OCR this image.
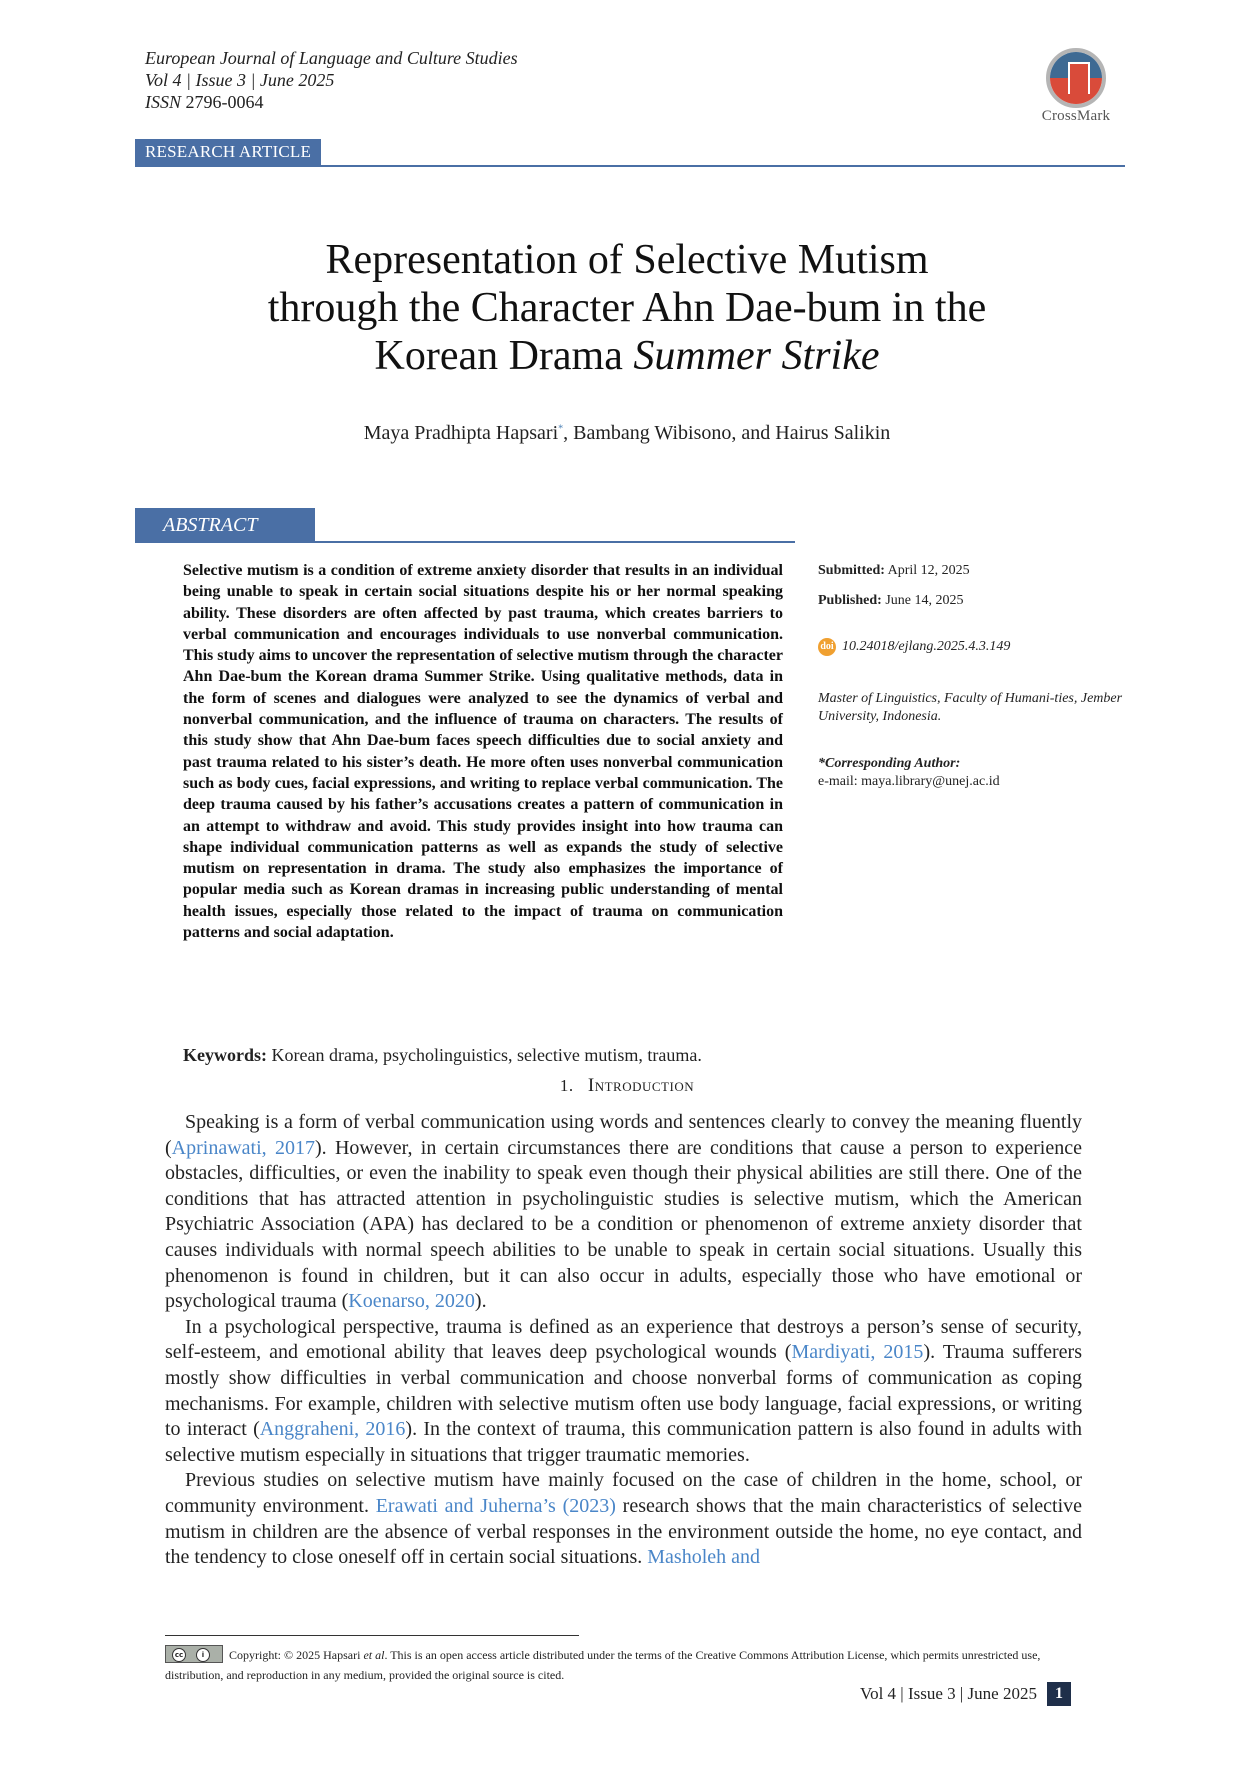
European Journal of Language and Culture Studies
Vol 4 | Issue 3 | June 2025
ISSN 2796-0064
CrossMark
RESEARCH ARTICLE
Representation of Selective Mutism
through the Character Ahn Dae-bum in the
Korean Drama Summer Strike
Maya Pradhipta Hapsari*, Bambang Wibisono, and Hairus Salikin
ABSTRACT
Selective mutism is a condition of extreme anxiety disorder that results in an individual being unable to speak in certain social situations despite his or her normal speaking ability. These disorders are often affected by past trauma, which creates barriers to verbal communication and encourages individuals to use nonverbal communication. This study aims to uncover the representation of selective mutism through the character Ahn Dae-bum the Korean drama Summer Strike. Using qualitative methods, data in the form of scenes and dialogues were analyzed to see the dynamics of verbal and nonverbal communication, and the influence of trauma on characters. The results of this study show that Ahn Dae-bum faces speech difficulties due to social anxiety and past trauma related to his sister’s death. He more often uses nonverbal communication such as body cues, facial expressions, and writing to replace verbal communication. The deep trauma caused by his father’s accusations creates a pattern of communication in an attempt to withdraw and avoid. This study provides insight into how trauma can shape individual communication patterns as well as expands the study of selective mutism on representation in drama. The study also emphasizes the importance of popular media such as Korean dramas in increasing public understanding of mental health issues, especially those related to the impact of trauma on communication patterns and social adaptation.
Submitted: April 12, 2025
Published: June 14, 2025
doi 10.24018/ejlang.2025.4.3.149
Master of Linguistics, Faculty of Humani-ties, Jember University, Indonesia.
*Corresponding Author:
e-mail: maya.library@unej.ac.id
Keywords: Korean drama, psycholinguistics, selective mutism, trauma.
1. Introduction

Speaking is a form of verbal communication using words and sentences clearly to convey the meaning fluently (Aprinawati, 2017). However, in certain circumstances there are conditions that cause a person to experience obstacles, difficulties, or even the inability to speak even though their physical abilities are still there. One of the conditions that has attracted attention in psycholinguistic studies is selective mutism, which the American Psychiatric Association (APA) has declared to be a condition or phenomenon of extreme anxiety disorder that causes individuals with normal speech abilities to be unable to speak in certain social situations. Usually this phenomenon is found in children, but it can also occur in adults, especially those who have emotional or psychological trauma (Koenarso, 2020).

In a psychological perspective, trauma is defined as an experience that destroys a person’s sense of security, self-esteem, and emotional ability that leaves deep psychological wounds (Mardiyati, 2015). Trauma sufferers mostly show difficulties in verbal communication and choose nonverbal forms of communication as coping mechanisms. For example, children with selective mutism often use body language, facial expressions, or writing to interact (Anggraheni, 2016). In the context of trauma, this communication pattern is also found in adults with selective mutism especially in situations that trigger traumatic memories.

Previous studies on selective mutism have mainly focused on the case of children in the home, school, or community environment. Erawati and Juherna’s (2023) research shows that the main characteristics of selective mutism in children are the absence of verbal responses in the environment outside the home, no eye contact, and the tendency to close oneself off in certain social situations. Masholeh and

cc	i	Copyright: © 2025 Hapsari et al. This is an open access article distributed under the terms of the Creative Commons Attribution License, which permits unrestricted use, distribution, and reproduction in any medium, provided the original source is cited.
Vol 4 | Issue 3 | June 2025	1
